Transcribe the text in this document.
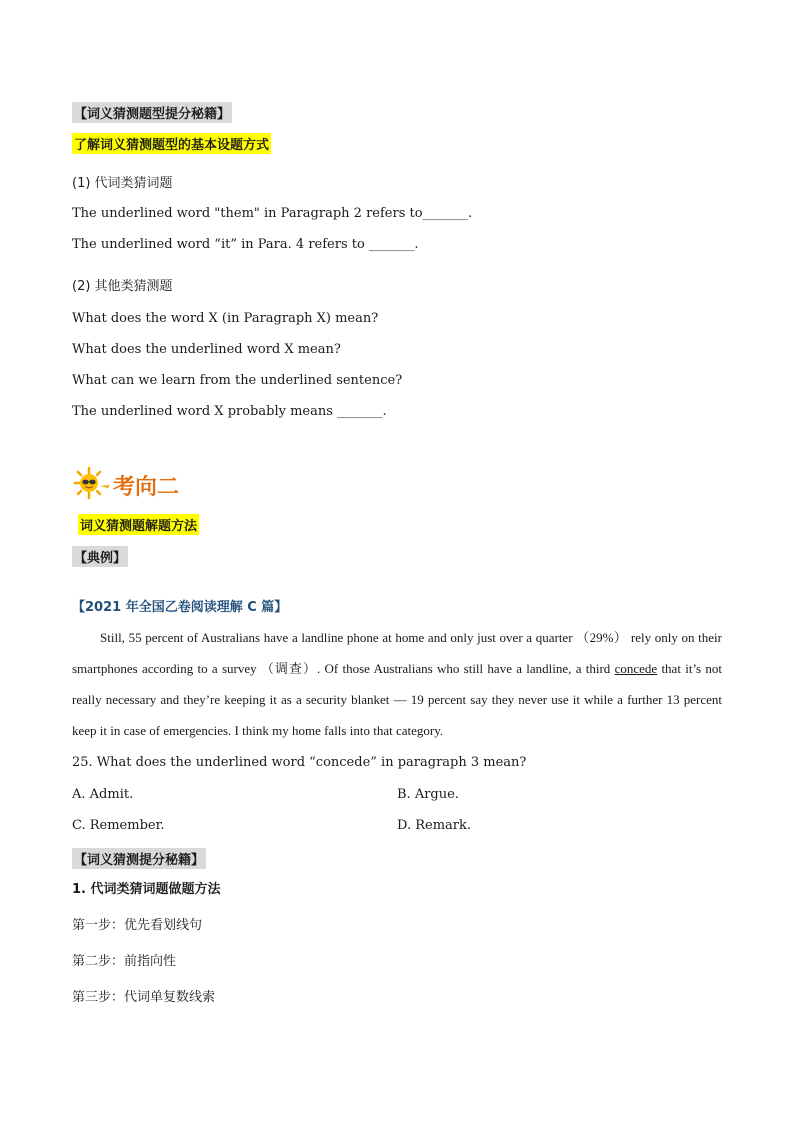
【词义猜测题型提分秘籍】
了解词义猜测题型的基本设题方式
(1) 代词类猜词题
The underlined word "them" in Paragraph 2 refers to_______.
The underlined word “it” in Para. 4 refers to _______.
(2) 其他类猜测题
What does the word X (in Paragraph X) mean?
What does the underlined word X mean?
What can we learn from the underlined sentence?
The underlined word X probably means _______.
考向二
词义猜测题解题方法
【典例】
【2021 年全国乙卷阅读理解 C 篇】
Still, 55 percent of Australians have a landline phone at home and only just over a quarter （29%） rely only on their smartphones according to a survey （调查）. Of those Australians who still have a landline, a third concede that it’s not really necessary and they’re keeping it as a security blanket — 19 percent say they never use it while a further 13 percent keep it in case of emergencies. I think my home falls into that category.
25. What does the underlined word “concede” in paragraph 3 mean?
A. Admit.	B. Argue.
C. Remember.	D. Remark.
【词义猜测提分秘籍】
1. 代词类猜词题做题方法
第一步：优先看划线句
第二步：前指向性
第三步：代词单复数线索
